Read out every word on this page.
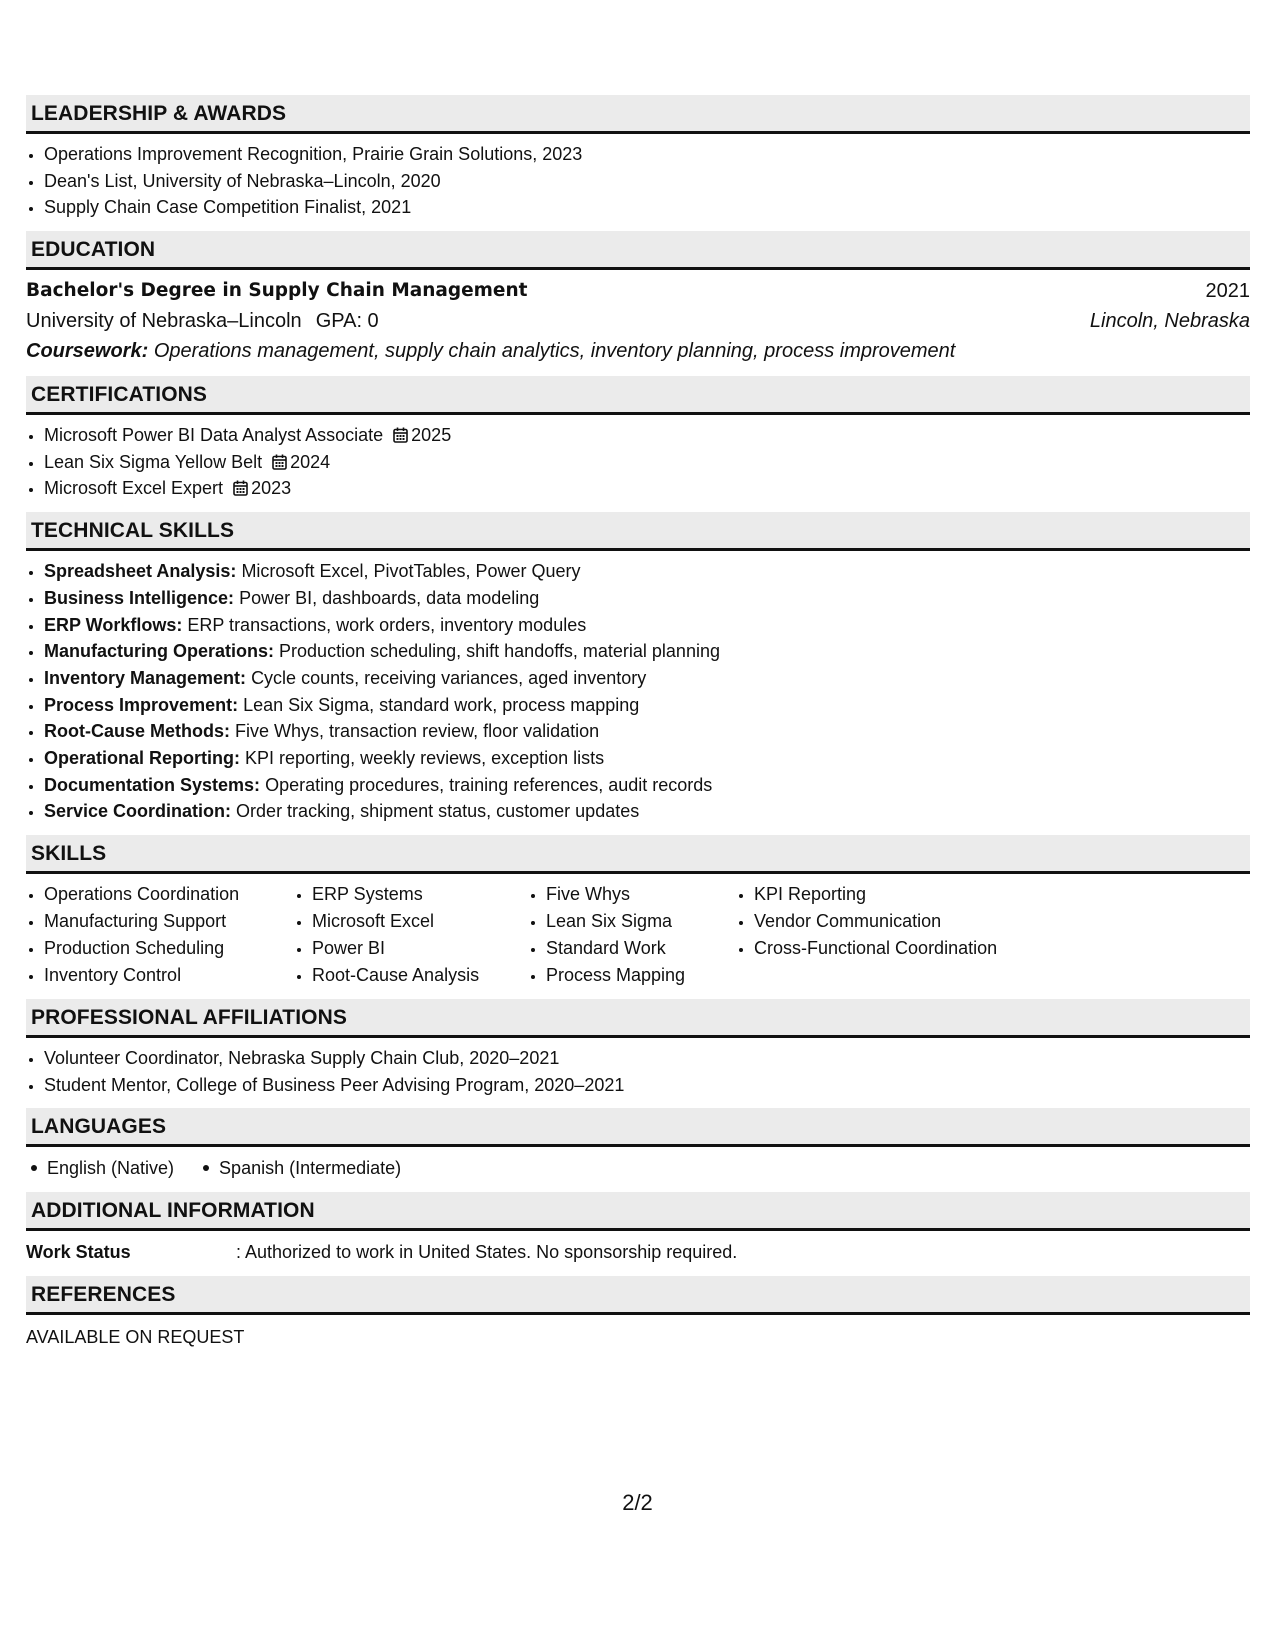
LEADERSHIP & AWARDS
• Operations Improvement Recognition, Prairie Grain Solutions, 2023
• Dean's List, University of Nebraska–Lincoln, 2020
• Supply Chain Case Competition Finalist, 2021
EDUCATION
Bachelor's Degree in Supply Chain Management	2021
University of Nebraska–Lincoln GPA: 0	Lincoln, Nebraska
Coursework:
Operations management, supply chain analytics, inventory planning, process improvement
CERTIFICATIONS
• Microsoft Power BI Data Analyst Associate 2025
• Lean Six Sigma Yellow Belt 2024
• Microsoft Excel Expert 2023
TECHNICAL SKILLS
• Spreadsheet Analysis: Microsoft Excel, PivotTables, Power Query
• Business Intelligence: Power BI, dashboards, data modeling
• ERP Workflows: ERP transactions, work orders, inventory modules
• Manufacturing Operations: Production scheduling, shift handoffs, material planning
• Inventory Management: Cycle counts, receiving variances, aged inventory
• Process Improvement: Lean Six Sigma, standard work, process mapping
• Root-Cause Methods: Five Whys, transaction review, floor validation
• Operational Reporting: KPI reporting, weekly reviews, exception lists
• Documentation Systems: Operating procedures, training references, audit records
• Service Coordination: Order tracking, shipment status, customer updates
SKILLS
• Operations Coordination
• Manufacturing Support
• Production Scheduling
• Inventory Control
• ERP Systems
• Microsoft Excel
• Power BI
• Root-Cause Analysis
• Five Whys
• Lean Six Sigma
• Standard Work
• Process Mapping
• KPI Reporting
• Vendor Communication
• Cross-Functional Coordination
PROFESSIONAL AFFILIATIONS
• Volunteer Coordinator, Nebraska Supply Chain Club, 2020–2021
• Student Mentor, College of Business Peer Advising Program, 2020–2021
LANGUAGES
English (Native)	Spanish (Intermediate)
ADDITIONAL INFORMATION
Work Status	: Authorized to work in United States. No sponsorship required.
REFERENCES
AVAILABLE ON REQUEST
2/2
